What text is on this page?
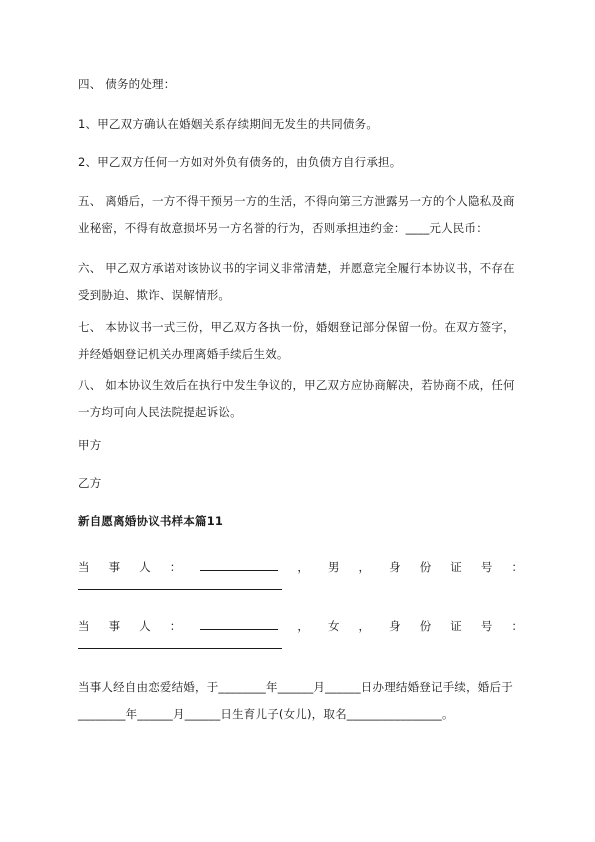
四、 债务的处理：
1、甲乙双方确认在婚姻关系存续期间无发生的共同债务。
2、甲乙双方任何一方如对外负有债务的，由负债方自行承担。
五、 离婚后，一方不得干预另一方的生活，不得向第三方泄露另一方的个人隐私及商业秘密，不得有故意损坏另一方名誉的行为，否则承担违约金：____元人民币：
六、 甲乙双方承诺对该协议书的字词义非常清楚，并愿意完全履行本协议书，不存在受到胁迫、欺诈、误解情形。
七、 本协议书一式三份，甲乙双方各执一份，婚姻登记部分保留一份。在双方签字，并经婚姻登记机关办理离婚手续后生效。
八、 如本协议生效后在执行中发生争议的，甲乙双方应协商解决，若协商不成，任何一方均可向人民法院提起诉讼。
甲方
乙方
新自愿离婚协议书样本篇11
当 事 人 ：	， 男 ， 身 份 证 号 ：
当 事 人 ：	， 女 ， 身 份 证 号 ：
当事人经自由恋爱结婚，于________年______月______日办理结婚登记手续，婚后于________年______月______日生育儿子(女儿)，取名________________。
